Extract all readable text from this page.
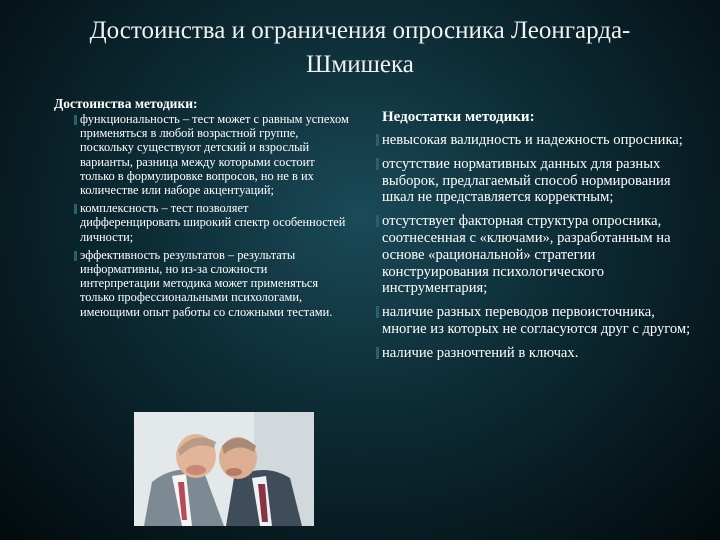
Достоинства и ограничения опросника Леонгарда-Шмишека
Достоинства методики:
функциональность – тест может с равным успехом применяться в любой возрастной группе, поскольку существуют детский и взрослый варианты, разница между которыми состоит только в формулировке вопросов, но не в их количестве или наборе акцентуаций;
комплексность – тест позволяет дифференцировать широкий спектр особенностей личности;
эффективность результатов – результаты информативны, но из-за сложности интерпретации методика может применяться только профессиональными психологами, имеющими опыт работы со сложными тестами.
Недостатки методики:
невысокая валидность и надежность опросника;
отсутствие нормативных данных для разных выборок, предлагаемый способ нормирования шкал не представляется корректным;
отсутствует факторная структура опросника, соотнесенная с «ключами», разработанным на основе «рациональной» стратегии конструирования психологического инструментария;
наличие разных переводов первоисточника, многие из которых не согласуются друг с другом;
наличие разночтений в ключах.
